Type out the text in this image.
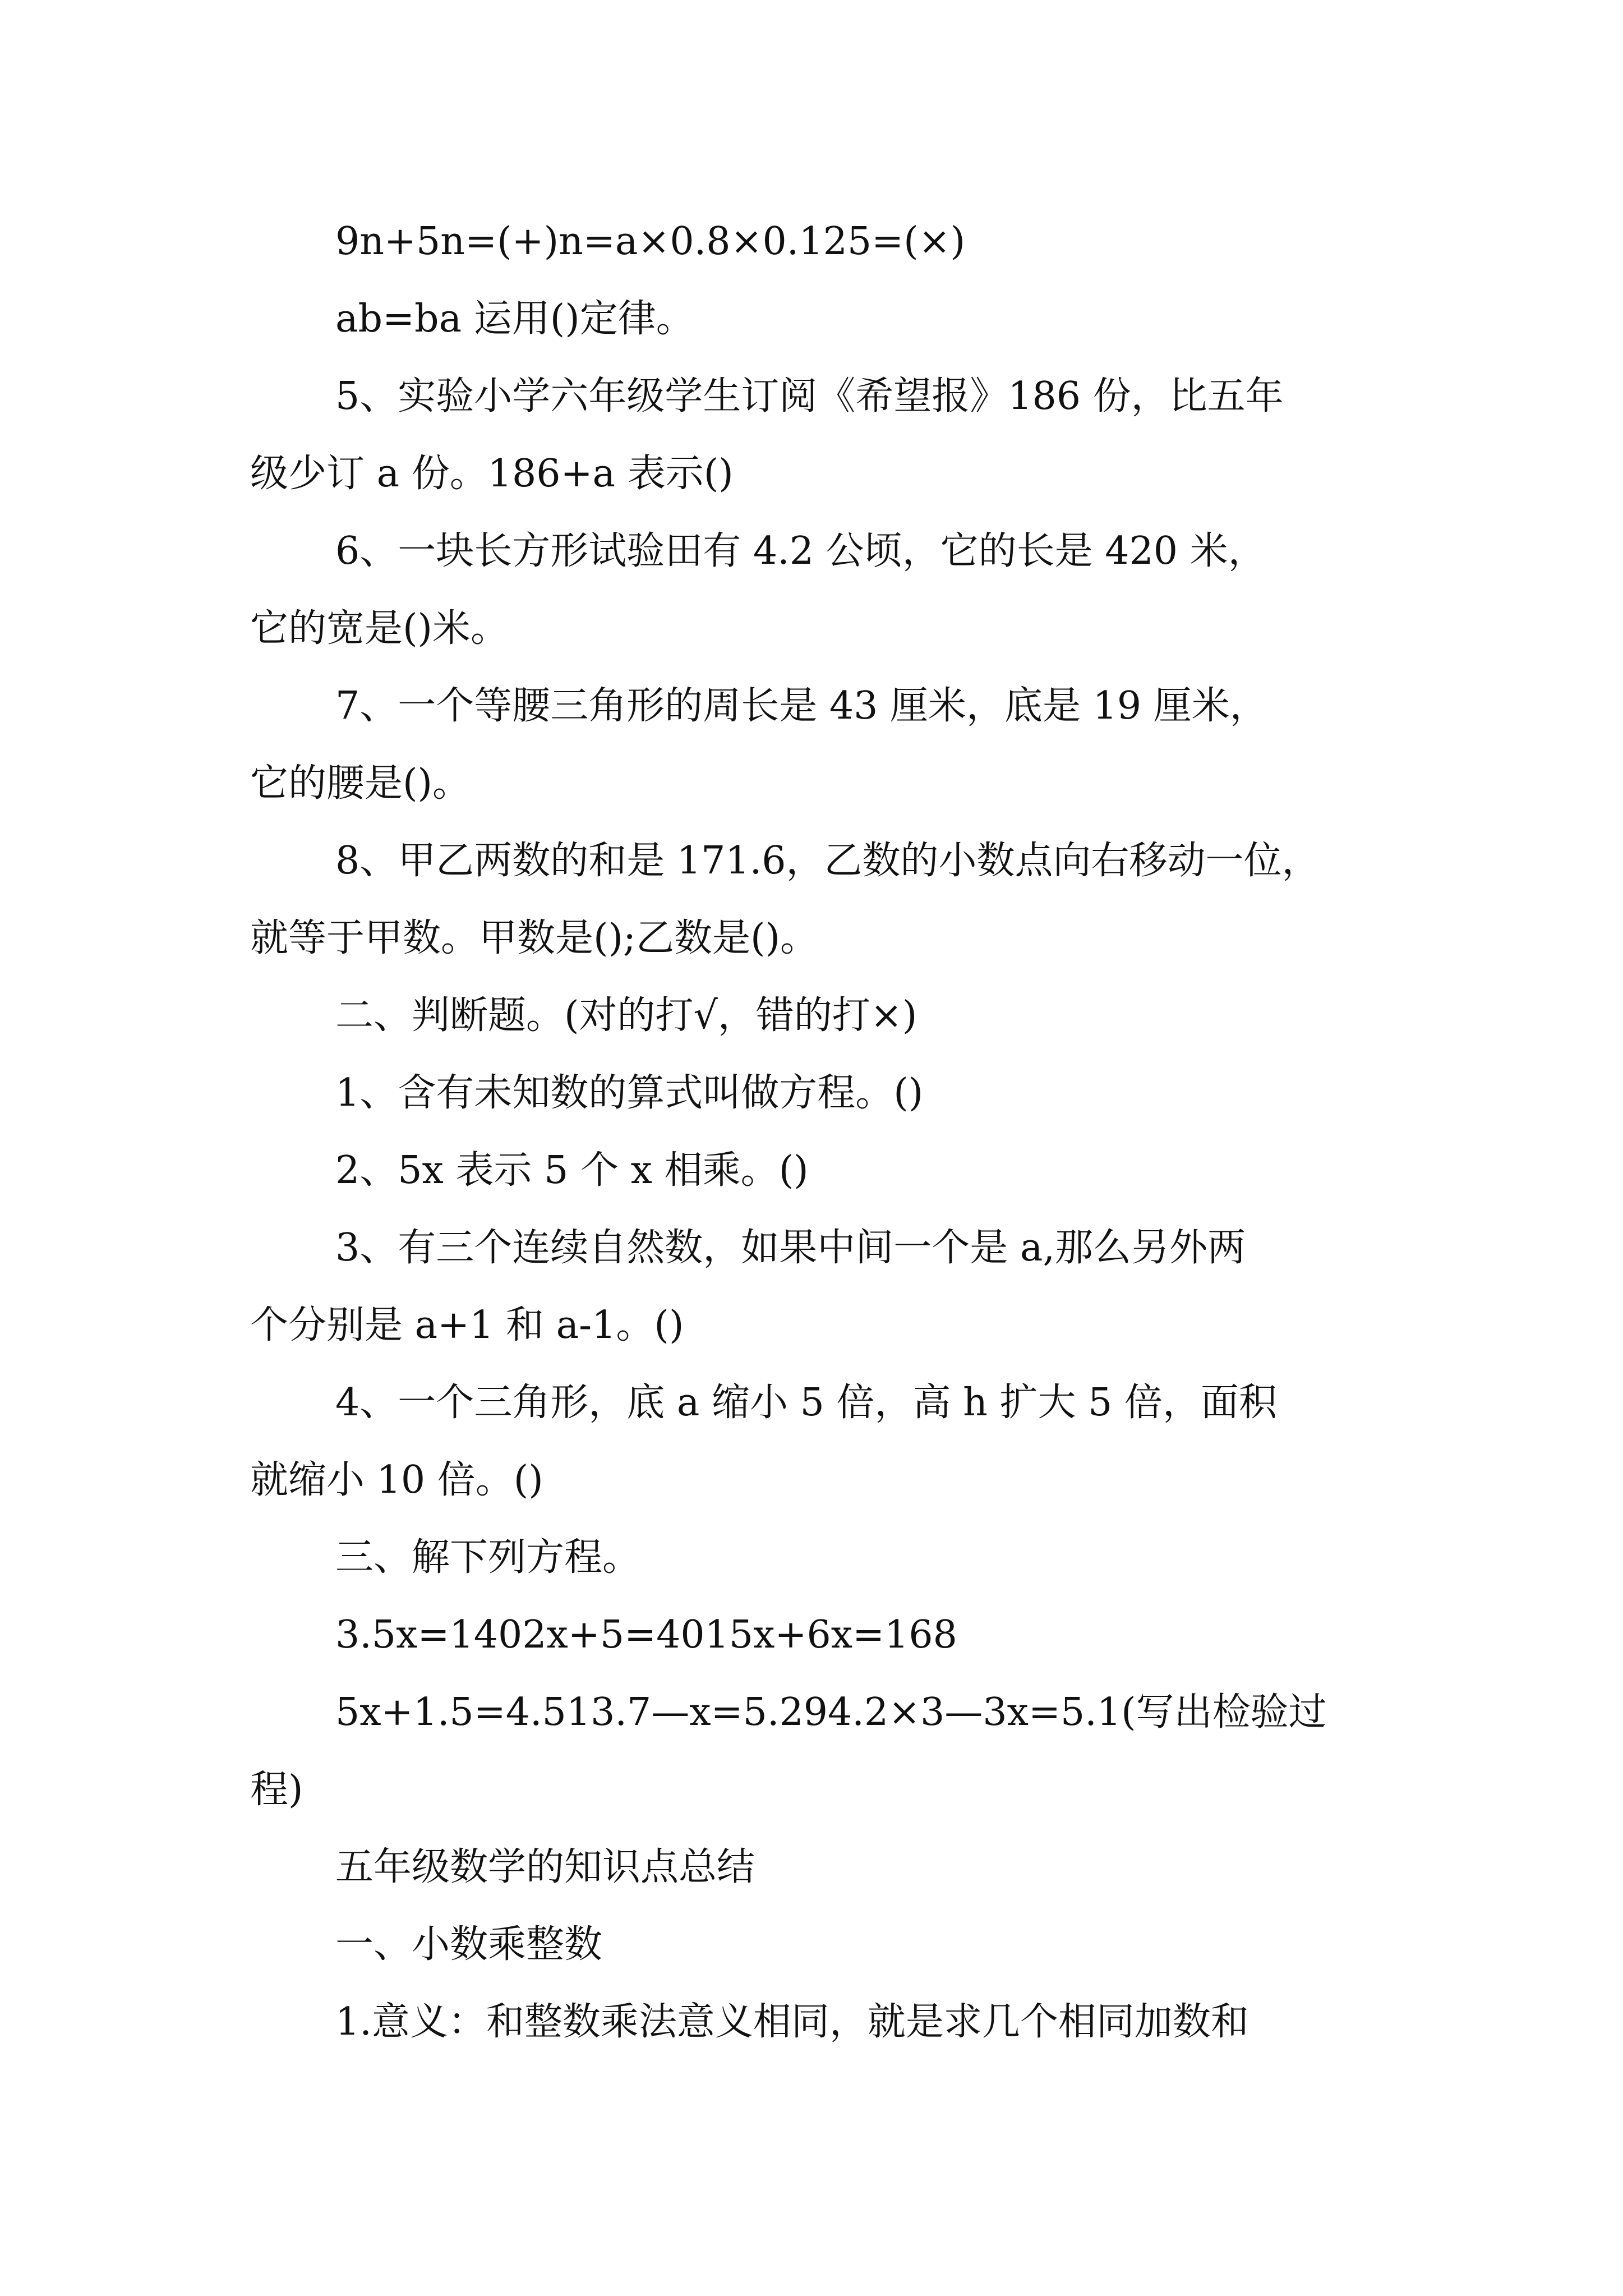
9n+5n=(+)n=a×0.8×0.125=(×)
ab=ba 运用()定律。
5、实验小学六年级学生订阅《希望报》186 份，比五年
级少订 a 份。186+a 表示()
6、一块长方形试验田有 4.2 公顷，它的长是 420 米，
它的宽是()米。
7、一个等腰三角形的周长是 43 厘米，底是 19 厘米，
它的腰是()。
8、甲乙两数的和是 171.6，乙数的小数点向右移动一位，
就等于甲数。甲数是();乙数是()。
二、判断题。(对的打√，错的打×)
1、含有未知数的算式叫做方程。()
2、5x 表示 5 个 x 相乘。()
3、有三个连续自然数，如果中间一个是 a,那么另外两
个分别是 a+1 和 a-1。()
4、一个三角形，底 a 缩小 5 倍，高 h 扩大 5 倍，面积
就缩小 10 倍。()
三、解下列方程。
3.5x=1402x+5=4015x+6x=168
5x+1.5=4.513.7—x=5.294.2×3—3x=5.1(写出检验过
程)
五年级数学的知识点总结
一、小数乘整数
1.意义：和整数乘法意义相同，就是求几个相同加数和
